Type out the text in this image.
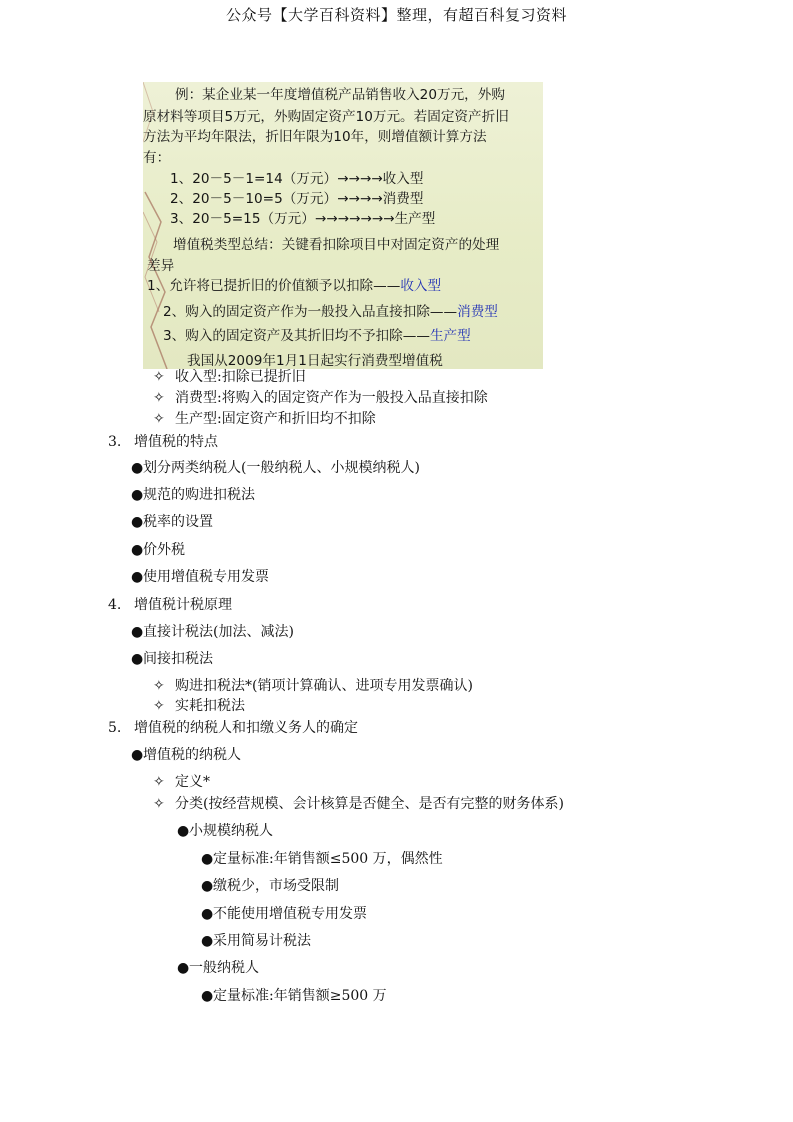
公众号【大学百科资料】整理，有超百科复习资料
例：某企业某一年度增值税产品销售收入20万元，外购
原材料等项目5万元，外购固定资产10万元。若固定资产折旧
方法为平均年限法，折旧年限为10年，则增值额计算方法
有：
1、20－5－1=14（万元）→→→→收入型
2、20－5－10=5（万元）→→→→消费型
3、20－5=15（万元）→→→→→→→生产型
增值税类型总结：关键看扣除项目中对固定资产的处理
差异
1、允许将已提折旧的价值额予以扣除——收入型
2、购入的固定资产作为一般投入品直接扣除——消费型
3、购入的固定资产及其折旧均不予扣除——生产型
我国从2009年1月1日起实行消费型增值税
✧ 收入型:扣除已提折旧
✧ 消费型:将购入的固定资产作为一般投入品直接扣除
✧ 生产型:固定资产和折旧均不扣除
3. 增值税的特点
●划分两类纳税人(一般纳税人、小规模纳税人)
●规范的购进扣税法
●税率的设置
●价外税
●使用增值税专用发票
4. 增值税计税原理
●直接计税法(加法、减法)
●间接扣税法
✧ 购进扣税法*(销项计算确认、进项专用发票确认)
✧ 实耗扣税法
5. 增值税的纳税人和扣缴义务人的确定
●增值税的纳税人
✧ 定义*
✧ 分类(按经营规模、会计核算是否健全、是否有完整的财务体系)
●小规模纳税人
●定量标准:年销售额≤500 万，偶然性
●缴税少，市场受限制
●不能使用增值税专用发票
●采用简易计税法
●一般纳税人
●定量标准:年销售额≥500 万
